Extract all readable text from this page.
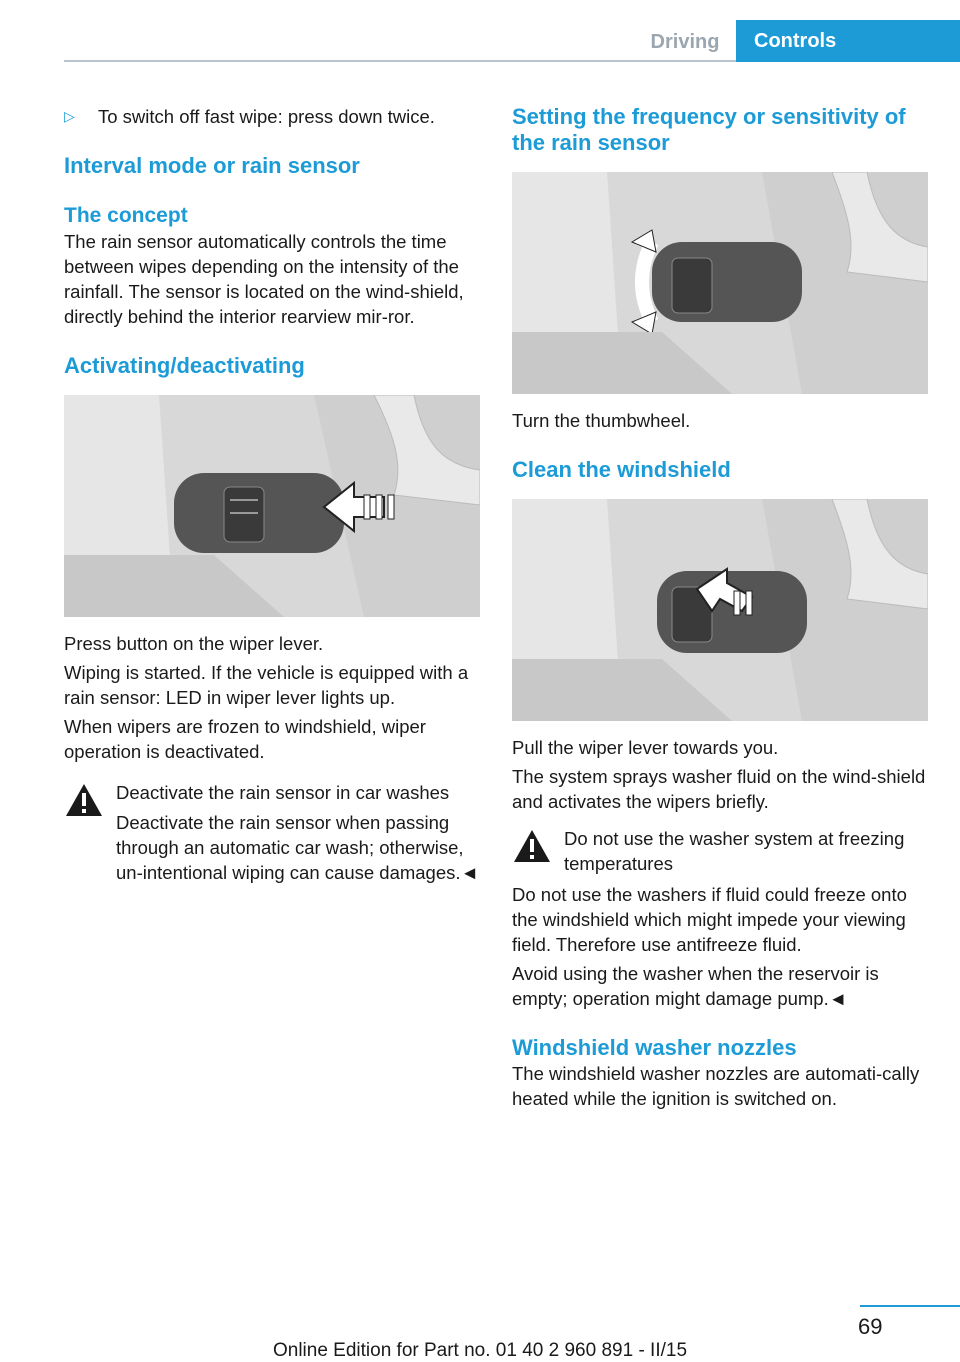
Driving	Controls
▷	To switch off fast wipe: press down twice.
Interval mode or rain sensor
The concept
The rain sensor automatically controls the time between wipes depending on the intensity of the rainfall. The sensor is located on the wind‐shield, directly behind the interior rearview mir‐ror.
Activating/deactivating
Press button on the wiper lever.
Wiping is started. If the vehicle is equipped with a rain sensor: LED in wiper lever lights up.
When wipers are frozen to windshield, wiper operation is deactivated.
Deactivate the rain sensor in car washes
Deactivate the rain sensor when passing through an automatic car wash; otherwise, un‐intentional wiping can cause damages.◄
Setting the frequency or sensitivity of the rain sensor
Turn the thumbwheel.
Clean the windshield
Pull the wiper lever towards you.
The system sprays washer fluid on the wind‐shield and activates the wipers briefly.
Do not use the washer system at freezing temperatures
Do not use the washers if fluid could freeze onto the windshield which might impede your viewing field. Therefore use antifreeze fluid.
Avoid using the washer when the reservoir is empty; operation might damage pump.◄
Windshield washer nozzles
The windshield washer nozzles are automati‐cally heated while the ignition is switched on.
69
Online Edition for Part no. 01 40 2 960 891 - II/15
